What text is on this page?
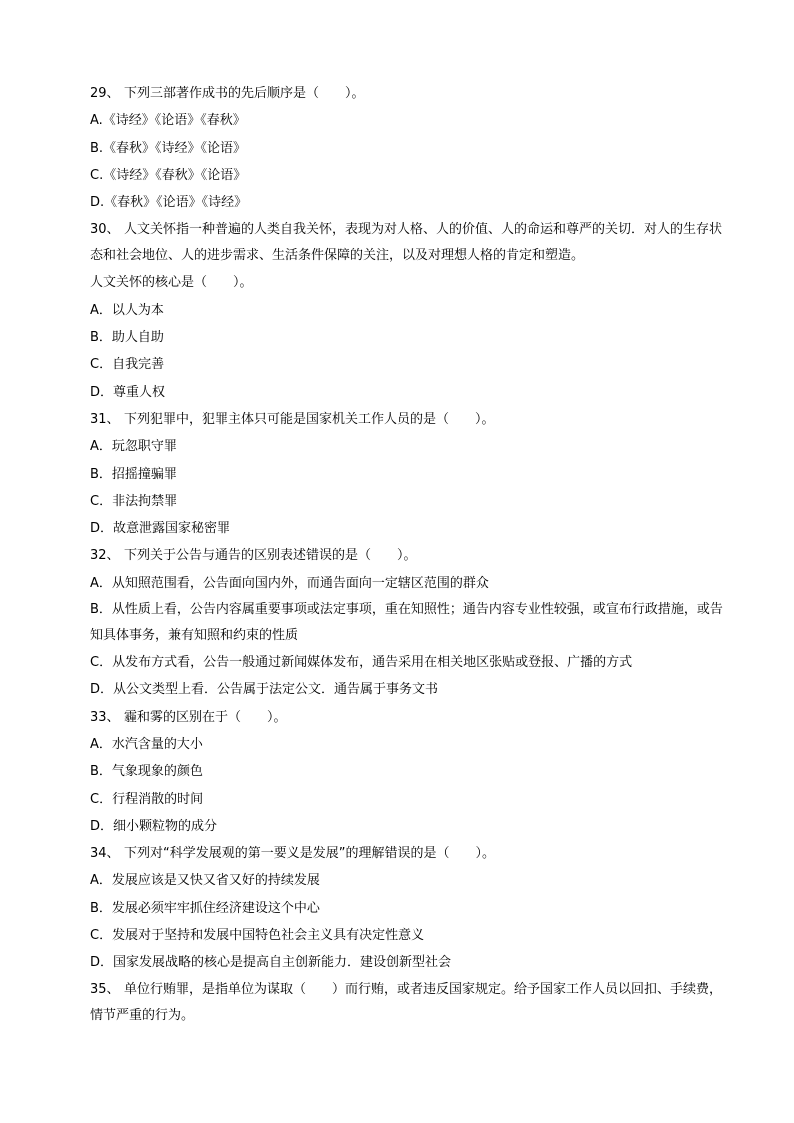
29、 下列三部著作成书的先后顺序是（　　）。
A.《诗经》《论语》《春秋》
B.《春秋》《诗经》《论语》
C.《诗经》《春秋》《论语》
D.《春秋》《论语》《诗经》
30、 人文关怀指一种普遍的人类自我关怀，表现为对人格、人的价值、人的命运和尊严的关切．对人的生存状态和社会地位、人的进步需求、生活条件保障的关注，以及对理想人格的肯定和塑造。
人文关怀的核心是（　　）。
A．以人为本
B．助人自助
C．自我完善
D．尊重人权
31、 下列犯罪中，犯罪主体只可能是国家机关工作人员的是（　　）。
A．玩忽职守罪
B．招摇撞骗罪
C．非法拘禁罪
D．故意泄露国家秘密罪
32、 下列关于公告与通告的区别表述错误的是（　　）。
A．从知照范围看，公告面向国内外，而通告面向一定辖区范围的群众
B．从性质上看，公告内容属重要事项或法定事项，重在知照性；通告内容专业性较强，或宣布行政措施，或告知具体事务，兼有知照和约束的性质
C．从发布方式看，公告一般通过新闻媒体发布，通告采用在相关地区张贴或登报、广播的方式
D．从公文类型上看．公告属于法定公文．通告属于事务文书
33、 霾和雾的区别在于（　　）。
A．水汽含量的大小
B．气象现象的颜色
C．行程消散的时间
D．细小颗粒物的成分
34、 下列对“科学发展观的第一要义是发展”的理解错误的是（　　）。
A．发展应该是又快又省又好的持续发展
B．发展必须牢牢抓住经济建设这个中心
C．发展对于坚持和发展中国特色社会主义具有决定性意义
D．国家发展战略的核心是提高自主创新能力．建设创新型社会
35、 单位行贿罪，是指单位为谋取（　　）而行贿，或者违反国家规定。给予国家工作人员以回扣、手续费，情节严重的行为。
